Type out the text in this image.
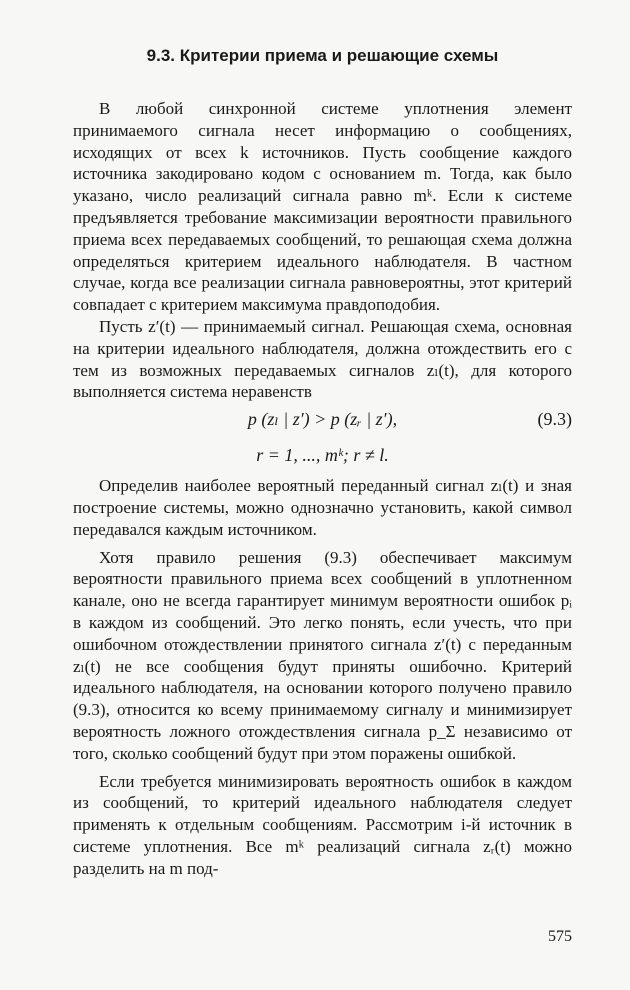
9.3. Критерии приема и решающие схемы

В любой синхронной системе уплотнения элемент принимаемого сигнала несет информацию о сообщениях, исходящих от всех k источников. Пусть сообщение каждого источника закодировано кодом с основанием m. Тогда, как было указано, число реализаций сигнала равно mᵏ. Если к системе предъявляется требование максимизации вероятности правильного приема всех передаваемых сообщений, то решающая схема должна определяться критерием идеального наблюдателя. В частном случае, когда все реализации сигнала равновероятны, этот критерий совпадает с критерием максимума правдоподобия.

Пусть z′(t) — принимаемый сигнал. Решающая схема, основная на критерии идеального наблюдателя, должна отождествить его с тем из возможных передаваемых сигналов zₗ(t), для которого выполняется система неравенств

p (zₗ | z′) > p (zᵣ | z′),	(9.3)
r = 1, ..., mᵏ; r ≠ l.

Определив наиболее вероятный переданный сигнал zₗ(t) и зная построение системы, можно однозначно установить, какой символ передавался каждым источником.

Хотя правило решения (9.3) обеспечивает максимум вероятности правильного приема всех сообщений в уплотненном канале, оно не всегда гарантирует минимум вероятности ошибок pᵢ в каждом из сообщений. Это легко понять, если учесть, что при ошибочном отождествлении принятого сигнала z′(t) с переданным zₗ(t) не все сообщения будут приняты ошибочно. Критерий идеального наблюдателя, на основании которого получено правило (9.3), относится ко всему принимаемому сигналу и минимизирует вероятность ложного отождествления сигнала p_Σ независимо от того, сколько сообщений будут при этом поражены ошибкой.

Если требуется минимизировать вероятность ошибок в каждом из сообщений, то критерий идеального наблюдателя следует применять к отдельным сообщениям. Рассмотрим i-й источник в системе уплотнения. Все mᵏ реализаций сигнала zᵣ(t) можно разделить на m под-

575
